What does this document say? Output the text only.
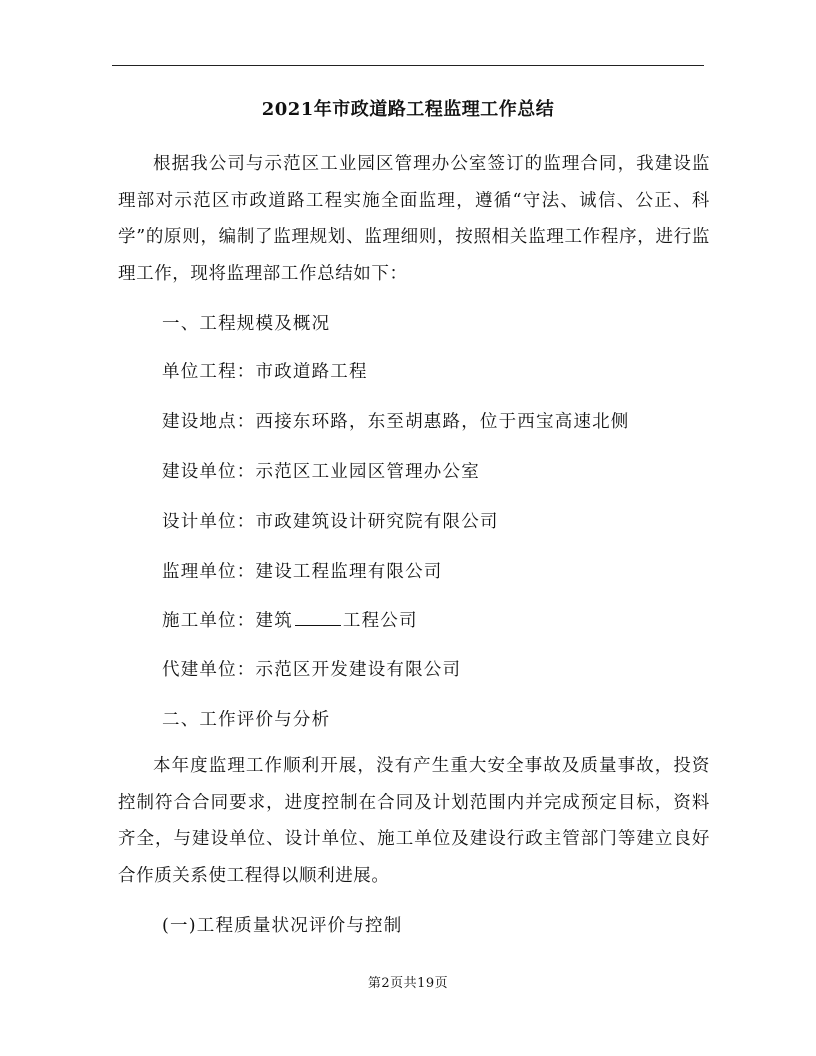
2021年市政道路工程监理工作总结

根据我公司与示范区工业园区管理办公室签订的监理合同，我建设监理部对示范区市政道路工程实施全面监理，遵循“守法、诚信、公正、科学”的原则，编制了监理规划、监理细则，按照相关监理工作程序，进行监理工作，现将监理部工作总结如下：

一、工程规模及概况

单位工程：市政道路工程

建设地点：西接东环路，东至胡惠路，位于西宝高速北侧

建设单位：示范区工业园区管理办公室

设计单位：市政建筑设计研究院有限公司

监理单位：建设工程监理有限公司

施工单位：建筑	工程公司

代建单位：示范区开发建设有限公司

二、工作评价与分析

本年度监理工作顺利开展，没有产生重大安全事故及质量事故，投资控制符合合同要求，进度控制在合同及计划范围内并完成预定目标，资料齐全，与建设单位、设计单位、施工单位及建设行政主管部门等建立良好合作质关系使工程得以顺利进展。

(一)工程质量状况评价与控制

第2页共19页
